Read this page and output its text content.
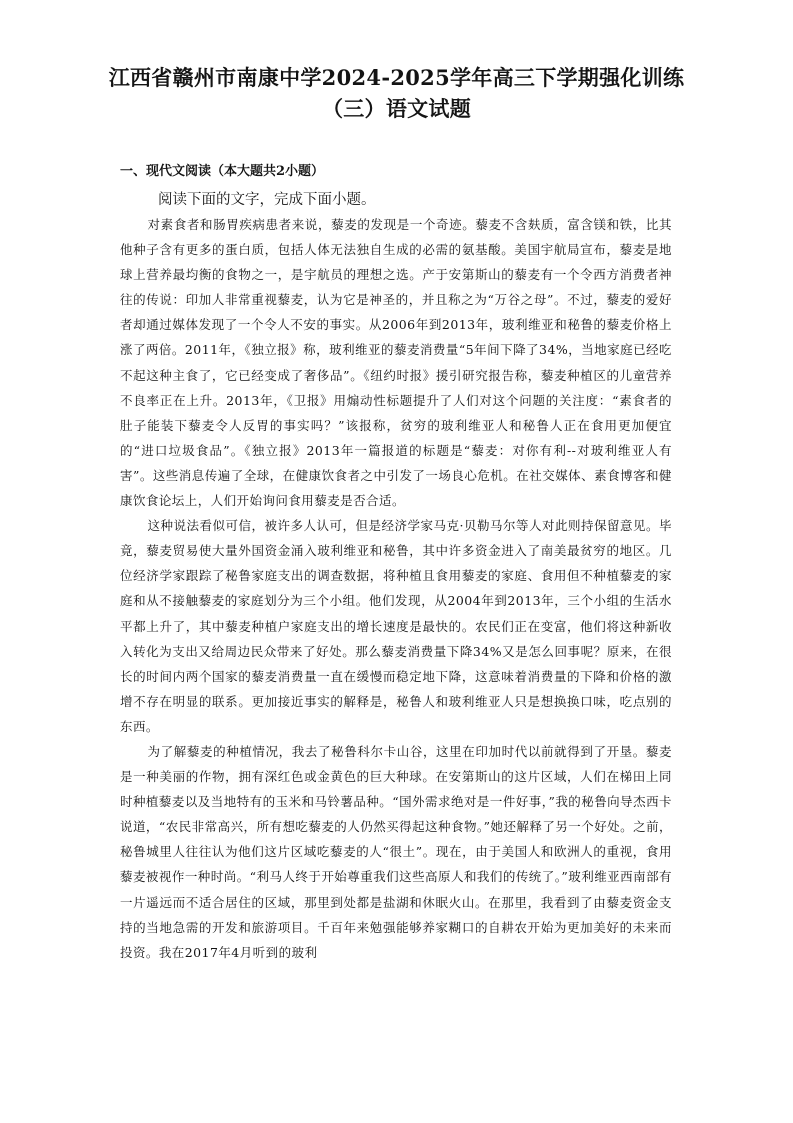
江西省赣州市南康中学2024-2025学年高三下学期强化训练（三）语文试题
一、现代文阅读（本大题共2小题）
阅读下面的文字，完成下面小题。

对素食者和肠胃疾病患者来说，藜麦的发现是一个奇迹。藜麦不含麸质，富含镁和铁，比其他种子含有更多的蛋白质，包括人体无法独自生成的必需的氨基酸。美国宇航局宣布，藜麦是地球上营养最均衡的食物之一，是宇航员的理想之选。产于安第斯山的藜麦有一个令西方消费者神往的传说：印加人非常重视藜麦，认为它是神圣的，并且称之为“万谷之母”。不过，藜麦的爱好者却通过媒体发现了一个令人不安的事实。从2006年到2013年，玻利维亚和秘鲁的藜麦价格上涨了两倍。2011年，《独立报》称，玻利维亚的藜麦消费量“5年间下降了34%，当地家庭已经吃不起这种主食了，它已经变成了奢侈品”。《纽约时报》援引研究报告称，藜麦种植区的儿童营养不良率正在上升。2013年，《卫报》用煽动性标题提升了人们对这个问题的关注度：“素食者的肚子能装下藜麦令人反胃的事实吗？”该报称，贫穷的玻利维亚人和秘鲁人正在食用更加便宜的“进口垃圾食品”。《独立报》2013年一篇报道的标题是“藜麦：对你有利--对玻利维亚人有害”。这些消息传遍了全球，在健康饮食者之中引发了一场良心危机。在社交媒体、素食博客和健康饮食论坛上，人们开始询问食用藜麦是否合适。

这种说法看似可信，被许多人认可，但是经济学家马克·贝勒马尔等人对此则持保留意见。毕竟，藜麦贸易使大量外国资金涌入玻利维亚和秘鲁，其中许多资金进入了南美最贫穷的地区。几位经济学家跟踪了秘鲁家庭支出的调查数据，将种植且食用藜麦的家庭、食用但不种植藜麦的家庭和从不接触藜麦的家庭划分为三个小组。他们发现，从2004年到2013年，三个小组的生活水平都上升了，其中藜麦种植户家庭支出的增长速度是最快的。农民们正在变富，他们将这种新收入转化为支出又给周边民众带来了好处。那么藜麦消费量下降34%又是怎么回事呢？原来，在很长的时间内两个国家的藜麦消费量一直在缓慢而稳定地下降，这意味着消费量的下降和价格的激增不存在明显的联系。更加接近事实的解释是，秘鲁人和玻利维亚人只是想换换口味，吃点别的东西。

为了解藜麦的种植情况，我去了秘鲁科尔卡山谷，这里在印加时代以前就得到了开垦。藜麦是一种美丽的作物，拥有深红色或金黄色的巨大种球。在安第斯山的这片区域，人们在梯田上同时种植藜麦以及当地特有的玉米和马铃薯品种。“国外需求绝对是一件好事，”我的秘鲁向导杰西卡说道，“农民非常高兴，所有想吃藜麦的人仍然买得起这种食物。”她还解释了另一个好处。之前，秘鲁城里人往往认为他们这片区域吃藜麦的人“很土”。现在，由于美国人和欧洲人的重视，食用藜麦被视作一种时尚。“利马人终于开始尊重我们这些高原人和我们的传统了。”玻利维亚西南部有一片遥远而不适合居住的区域，那里到处都是盐湖和休眠火山。在那里，我看到了由藜麦资金支持的当地急需的开发和旅游项目。千百年来勉强能够养家糊口的自耕农开始为更加美好的未来而投资。我在2017年4月听到的玻利
